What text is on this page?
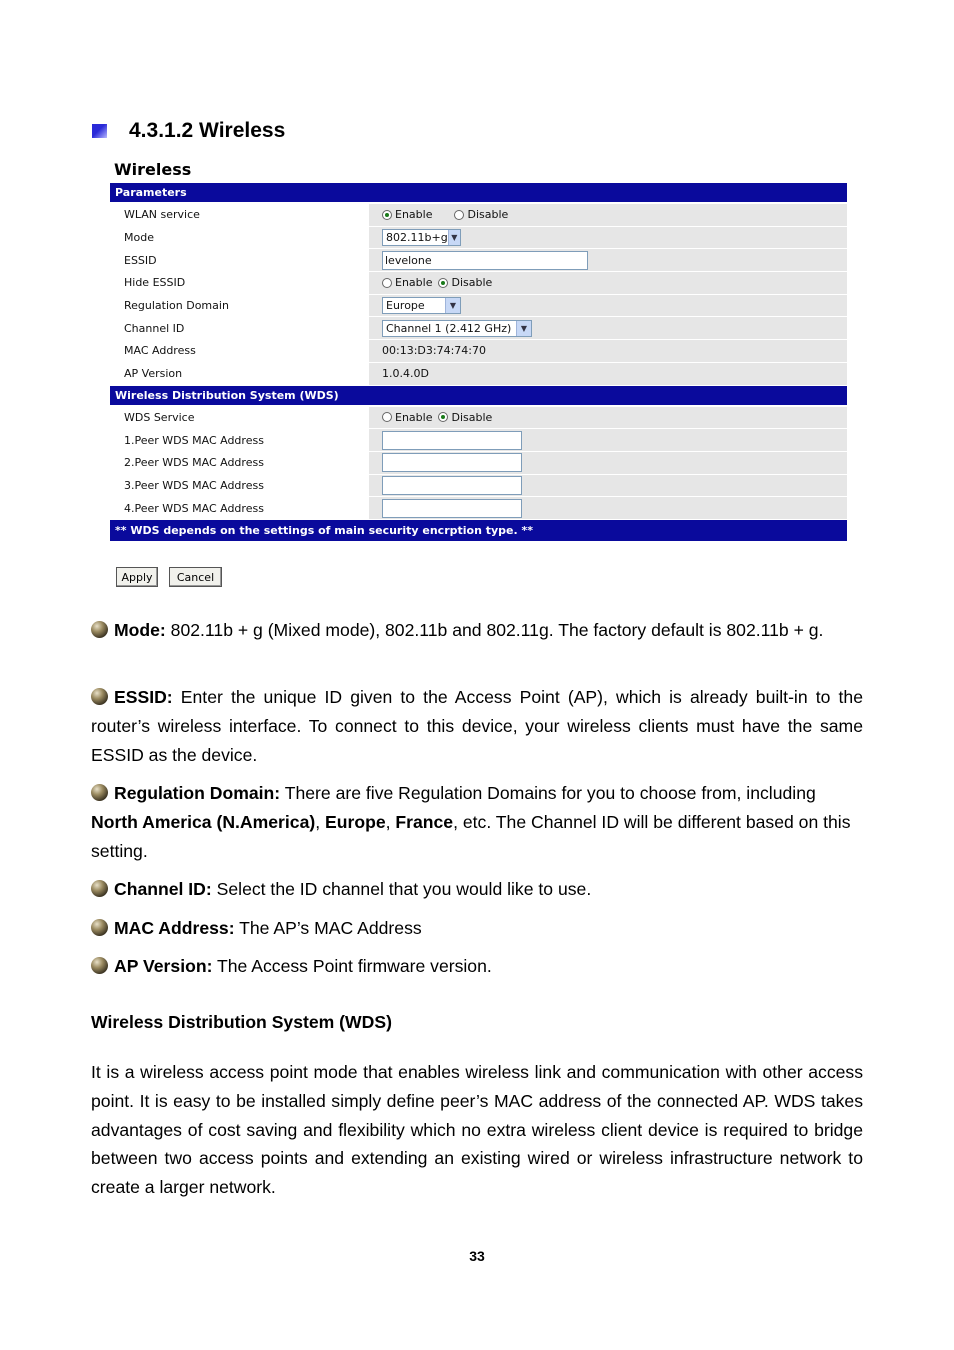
4.3.1.2 Wireless
Wireless
Parameters
WLAN service	Enable	Disable
Mode	802.11b+g ▼
ESSID	levelone
Hide ESSID	Enable Disable
Regulation Domain	Europe	▼
Channel ID	Channel 1 (2.412 GHz)	▼
MAC Address	00:13:D3:74:74:70
AP Version	1.0.4.0D
Wireless Distribution System (WDS)
WDS Service	Enable Disable
1.Peer WDS MAC Address
2.Peer WDS MAC Address
3.Peer WDS MAC Address
4.Peer WDS MAC Address
** WDS depends on the settings of main security encrption type. **
Apply	Cancel
Mode: 802.11b + g (Mixed mode), 802.11b and 802.11g. The factory default is 802.11b + g.
ESSID: Enter the unique ID given to the Access Point (AP), which is already built-in to the router’s wireless interface. To connect to this device, your wireless clients must have the same ESSID as the device.
Regulation Domain: There are five Regulation Domains for you to choose from, including North America (N.America), Europe, France, etc. The Channel ID will be different based on this setting.
Channel ID: Select the ID channel that you would like to use.
MAC Address: The AP’s MAC Address
AP Version: The Access Point firmware version.
Wireless Distribution System (WDS)
It is a wireless access point mode that enables wireless link and communication with other access point. It is easy to be installed simply define peer’s MAC address of the connected AP. WDS takes advantages of cost saving and flexibility which no extra wireless client device is required to bridge between two access points and extending an existing wired or wireless infrastructure network to create a larger network.
33
